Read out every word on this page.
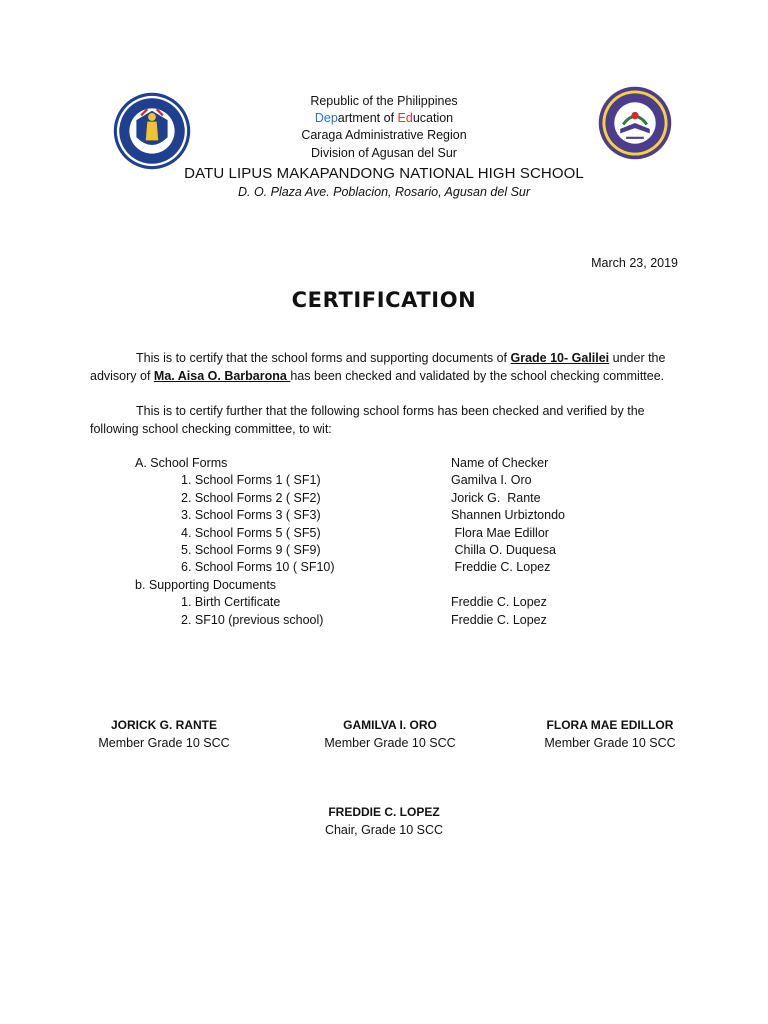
Republic of the Philippines
Department of Education
Caraga Administrative Region
Division of Agusan del Sur
DATU LIPUS MAKAPANDONG NATIONAL HIGH SCHOOL
D. O. Plaza Ave. Poblacion, Rosario, Agusan del Sur
March 23, 2019
CERTIFICATION
This is to certify that the school forms and supporting documents of Grade 10- Galilei under the advisory of Ma. Aisa O. Barbarona has been checked and validated by the school checking committee.
This is to certify further that the following school forms has been checked and verified by the following school checking committee, to wit:
A. School Forms
1. School Forms 1 ( SF1)
2. School Forms 2 ( SF2)
3. School Forms 3 ( SF3)
4. School Forms 5 ( SF5)
5. School Forms 9 ( SF9)
6. School Forms 10 ( SF10)
b. Supporting Documents
1. Birth Certificate
2. SF10 (previous school)
Name of Checker
Gamilva I. Oro
Jorick G.  Rante
Shannen Urbiztondo
Flora Mae Edillor
Chilla O. Duquesa
Freddie C. Lopez

Freddie C. Lopez
Freddie C. Lopez
JORICK G. RANTE
Member Grade 10 SCC
GAMILVA I. ORO
Member Grade 10 SCC
FLORA MAE EDILLOR
Member Grade 10 SCC
FREDDIE C. LOPEZ
Chair, Grade 10 SCC
